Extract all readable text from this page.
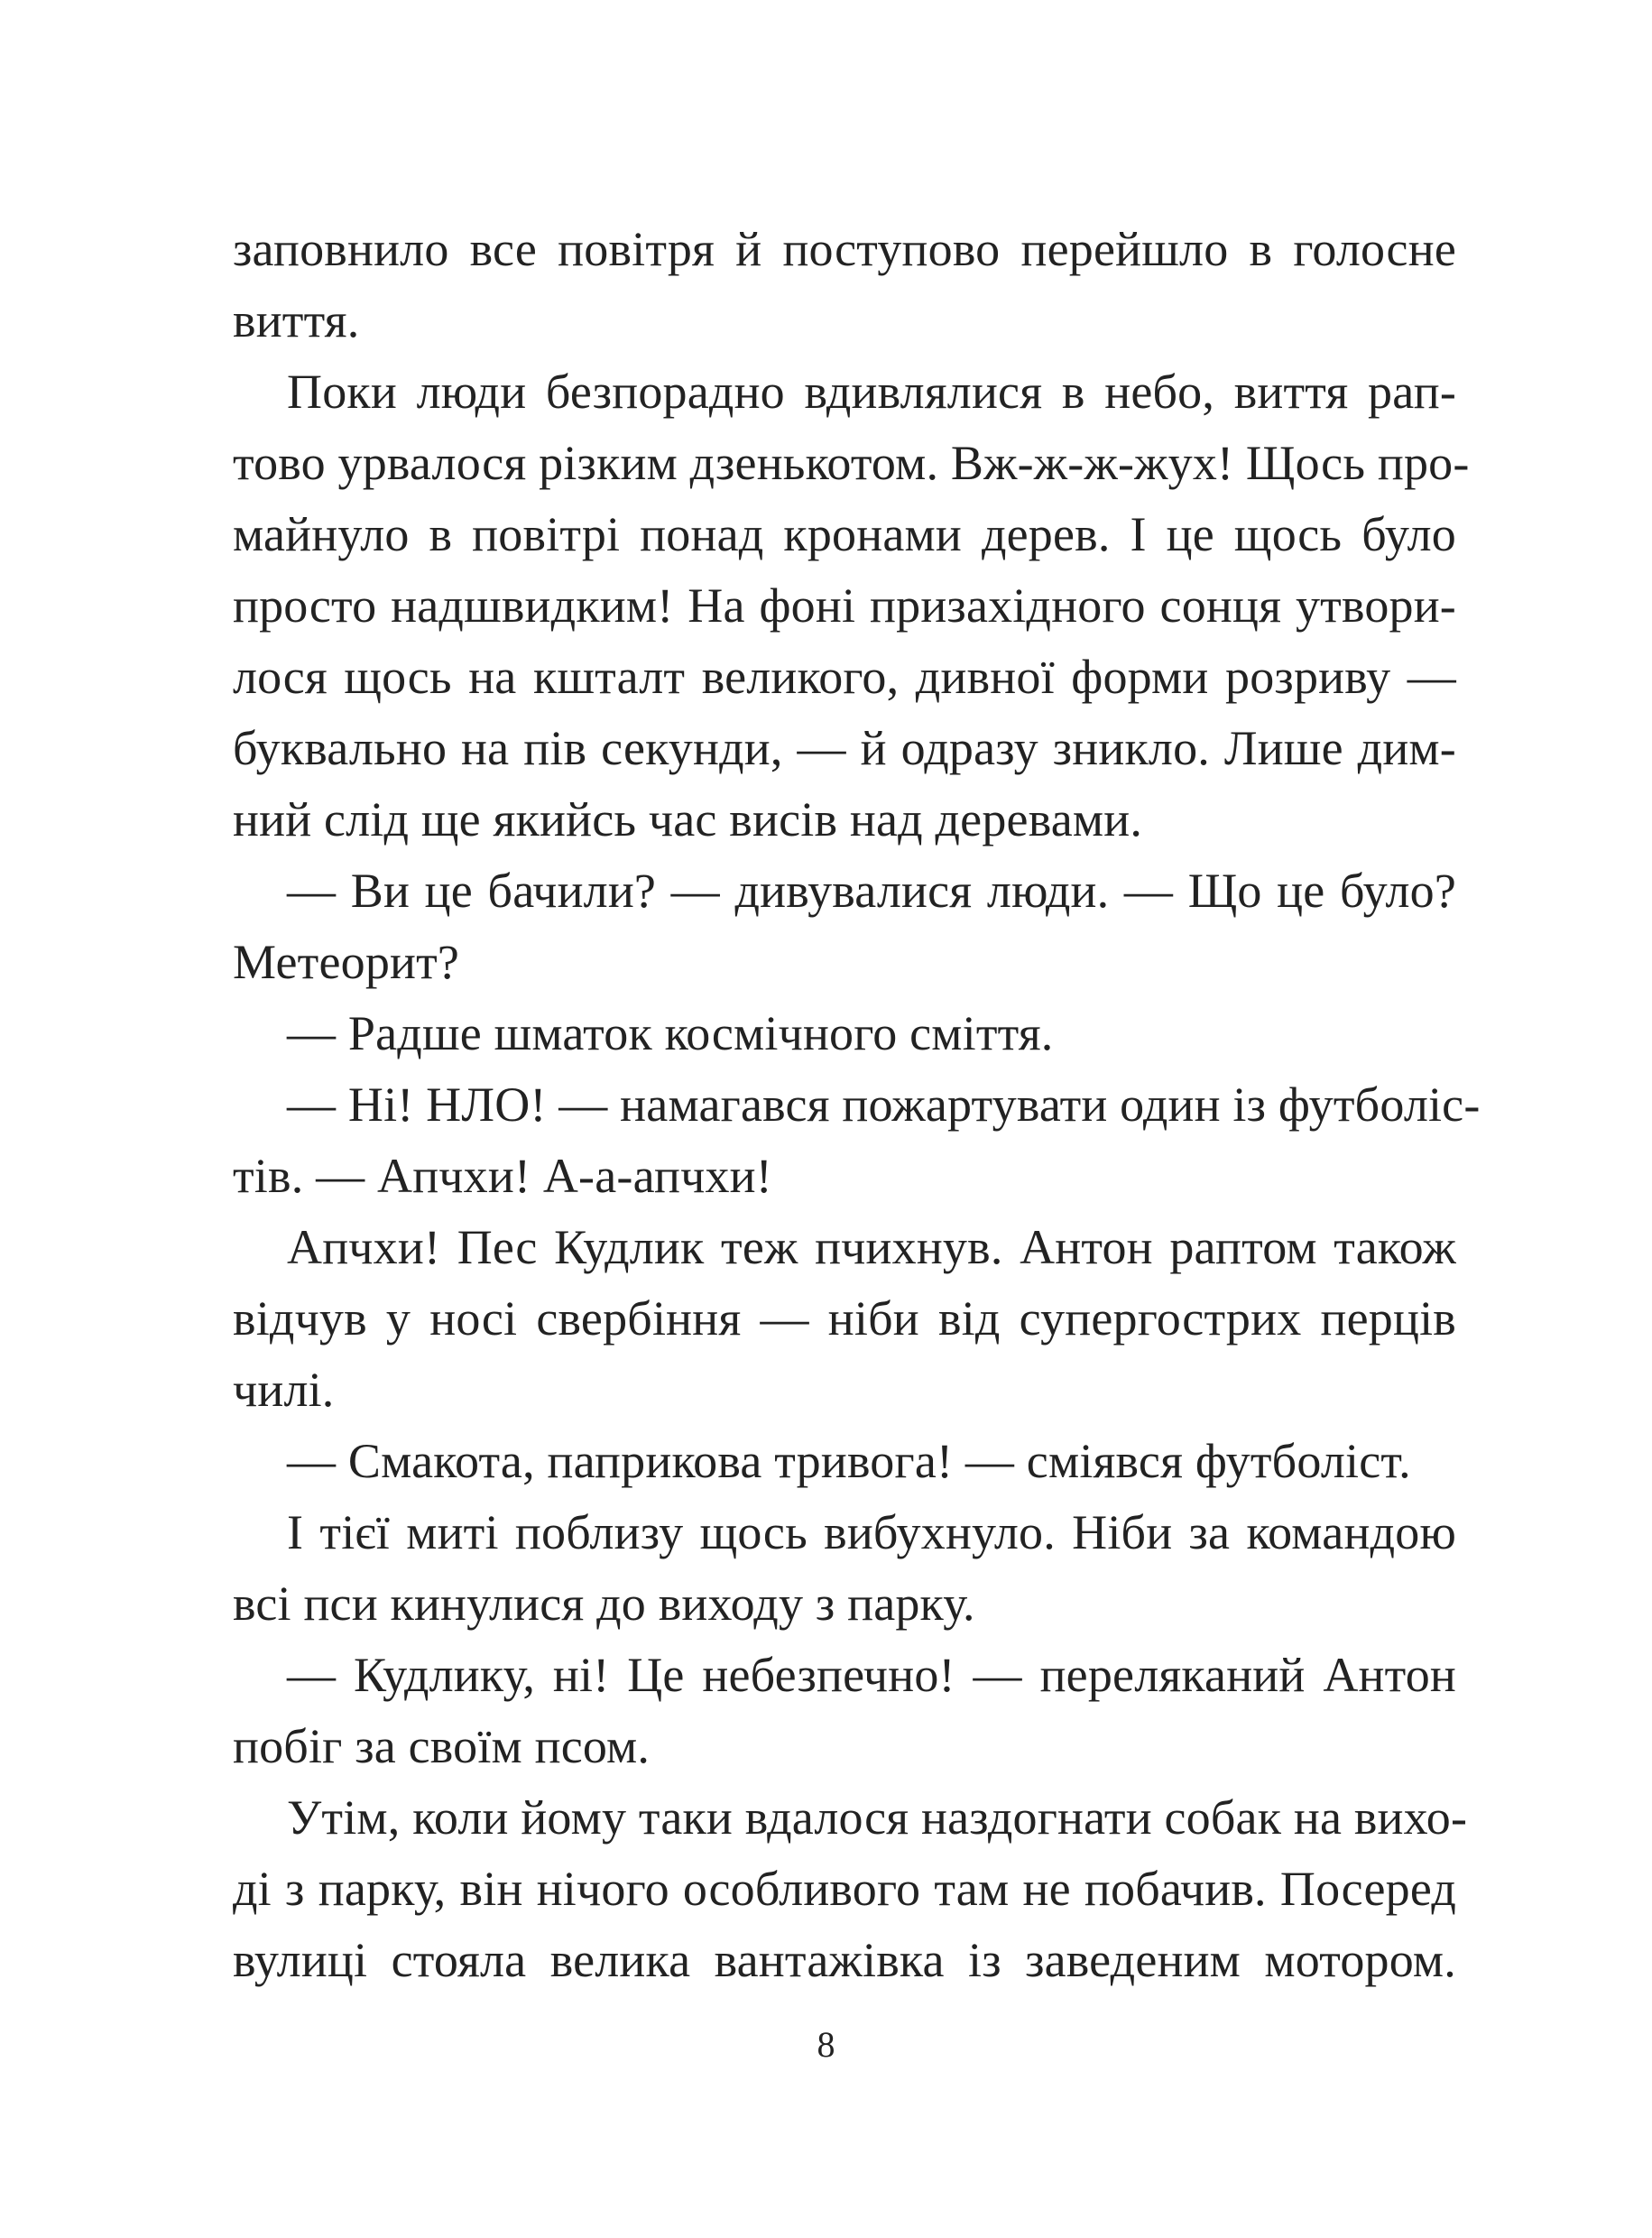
заповнило все повітря й поступово перейшло в голосне
виття.
Поки люди безпорадно вдивлялися в небо, виття рап-
тово урвалося різким дзенькотом. Вж-ж-ж-жух! Щось про-
майнуло в повітрі понад кронами дерев. І це щось було
просто надшвидким! На фоні призахідного сонця утвори-
лося щось на кшталт великого, дивної форми розриву —
буквально на пів секунди, — й одразу зникло. Лише дим-
ний слід ще якийсь час висів над деревами.
— Ви це бачили? — дивувалися люди. — Що це було?
Метеорит?
— Радше шматок космічного сміття.
— Ні! НЛО! — намагався пожартувати один із футболіс-
тів. — Апчхи! А-а-апчхи!
Апчхи! Пес Кудлик теж пчихнув. Антон раптом також
відчув у носі свербіння — ніби від супергострих перців
чилі.
— Смакота, паприкова тривога! — сміявся футболіст.
І тієї миті поблизу щось вибухнуло. Ніби за командою
всі пси кинулися до виходу з парку.
— Кудлику, ні! Це небезпечно! — переляканий Антон
побіг за своїм псом.
Утім, коли йому таки вдалося наздогнати собак на вихо-
ді з парку, він нічого особливого там не побачив. Посеред
вулиці стояла велика вантажівка із заведеним мотором.
8
